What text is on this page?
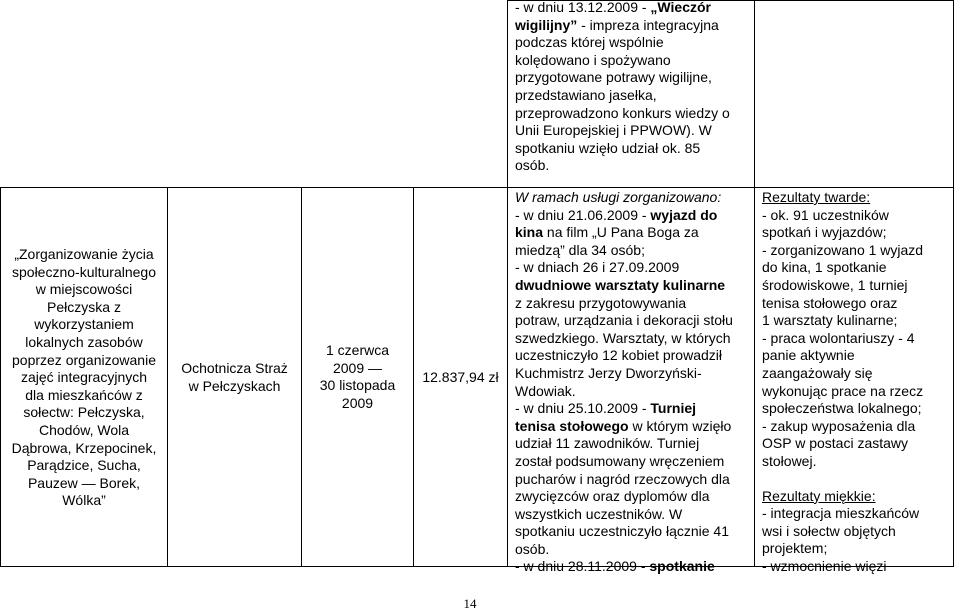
- w dniu 13.12.2009 - „Wieczór
wigilijny” - impreza integracyjna
podczas której wspólnie
kolędowano i spożywano
przygotowane potrawy wigilijne,
przedstawiano jasełka,
przeprowadzono konkurs wiedzy o
Unii Europejskiej i PPWOW). W
spotkaniu wzięło udział ok. 85
osób.
„Zorganizowanie życia
społeczno-kulturalnego
w miejscowości
Pełczyska z
wykorzystaniem
lokalnych zasobów
poprzez organizowanie
zajęć integracyjnych
dla mieszkańców z
sołectw: Pełczyska,
Chodów, Wola
Dąbrowa, Krzepocinek,
Parądzice, Sucha,
Pauzew — Borek,
Wólka”
Ochotnicza Straż
w Pełczyskach
1 czerwca
2009 —
30 listopada
2009
12.837,94 zł
W ramach usługi zorganizowano:
- w dniu 21.06.2009 - wyjazd do
kina na film „U Pana Boga za
miedzą” dla 34 osób;
- w dniach 26 i 27.09.2009
dwudniowe warsztaty kulinarne
z zakresu przygotowywania
potraw, urządzania i dekoracji stołu
szwedzkiego. Warsztaty, w których
uczestniczyło 12 kobiet prowadził
Kuchmistrz Jerzy Dworzyński-
Wdowiak.
- w dniu 25.10.2009 - Turniej
tenisa stołowego w którym wzięło
udział 11 zawodników. Turniej
został podsumowany wręczeniem
pucharów i nagród rzeczowych dla
zwycięzców oraz dyplomów dla
wszystkich uczestników. W
spotkaniu uczestniczyło łącznie 41
osób.
- w dniu 28.11.2009 - spotkanie
Rezultaty twarde:
- ok. 91 uczestników
spotkań i wyjazdów;
- zorganizowano 1 wyjazd
do kina, 1 spotkanie
środowiskowe, 1 turniej
tenisa stołowego oraz
1 warsztaty kulinarne;
- praca wolontariuszy - 4
panie aktywnie
zaangażowały się
wykonując prace na rzecz
społeczeństwa lokalnego;
- zakup wyposażenia dla
OSP w postaci zastawy
stołowej.
Rezultaty miękkie:
- integracja mieszkańców
wsi i sołectw objętych
projektem;
- wzmocnienie więzi
14
